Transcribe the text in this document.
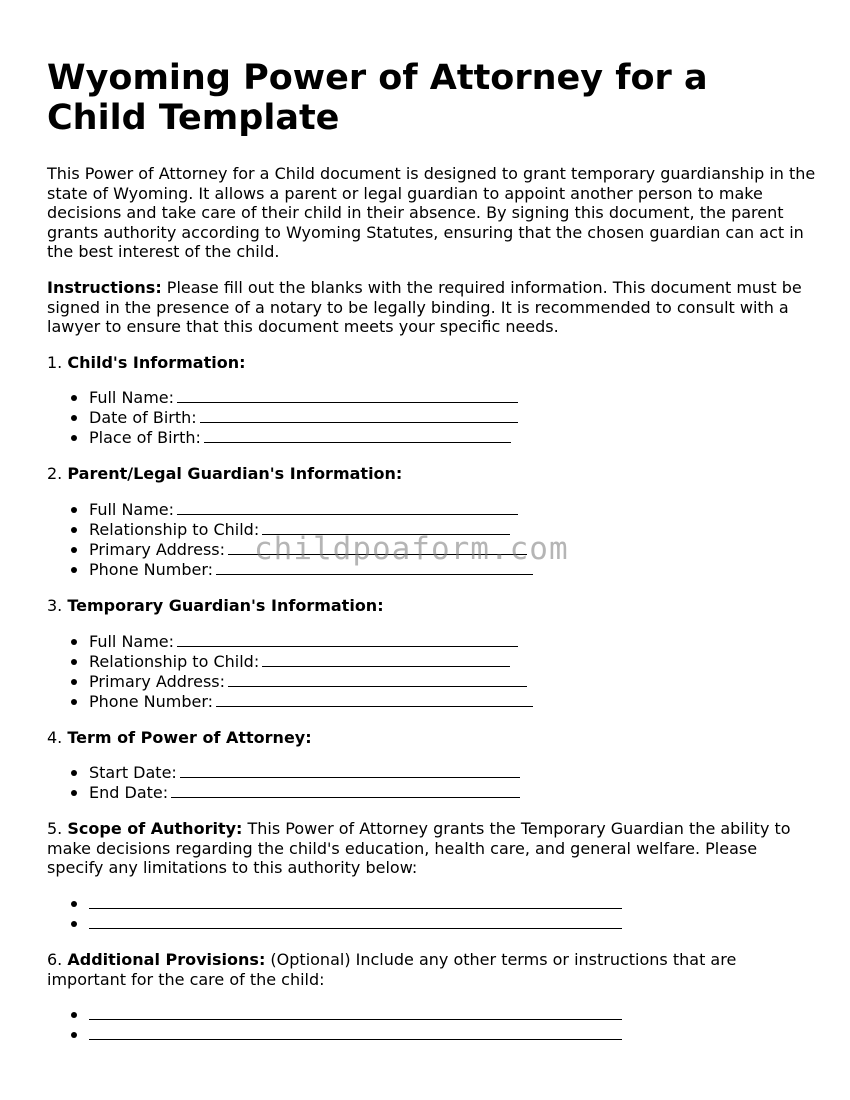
Wyoming Power of Attorney for a Child Template

This Power of Attorney for a Child document is designed to grant temporary guardianship in the state of Wyoming. It allows a parent or legal guardian to appoint another person to make decisions and take care of their child in their absence. By signing this document, the parent grants authority according to Wyoming Statutes, ensuring that the chosen guardian can act in the best interest of the child.

Instructions: Please fill out the blanks with the required information. This document must be signed in the presence of a notary to be legally binding. It is recommended to consult with a lawyer to ensure that this document meets your specific needs.

1. Child's Information:
Full Name:
Date of Birth:
Place of Birth:
2. Parent/Legal Guardian's Information:
Full Name:
Relationship to Child:
Primary Address:
Phone Number:
3. Temporary Guardian's Information:
Full Name:
Relationship to Child:
Primary Address:
Phone Number:
4. Term of Power of Attorney:
Start Date:
End Date:

5. Scope of Authority: This Power of Attorney grants the Temporary Guardian the ability to make decisions regarding the child's education, health care, and general welfare. Please specify any limitations to this authority below:

6. Additional Provisions: (Optional) Include any other terms or instructions that are important for the care of the child:

childpoaform.com
